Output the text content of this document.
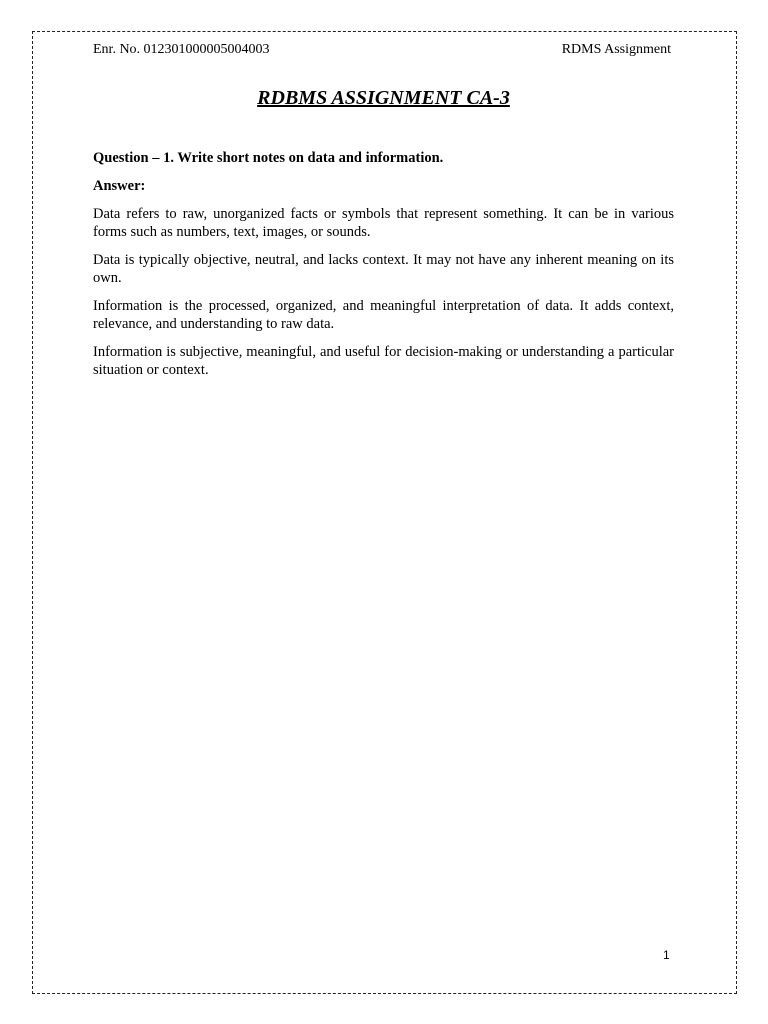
Enr. No. 012301000005004003	RDMS Assignment
RDBMS ASSIGNMENT CA-3

Question – 1. Write short notes on data and information.

Answer:

Data refers to raw, unorganized facts or symbols that represent something. It can be in various forms such as numbers, text, images, or sounds.

Data is typically objective, neutral, and lacks context. It may not have any inherent meaning on its own.

Information is the processed, organized, and meaningful interpretation of data. It adds context, relevance, and understanding to raw data.

Information is subjective, meaningful, and useful for decision-making or understanding a particular situation or context.

1
